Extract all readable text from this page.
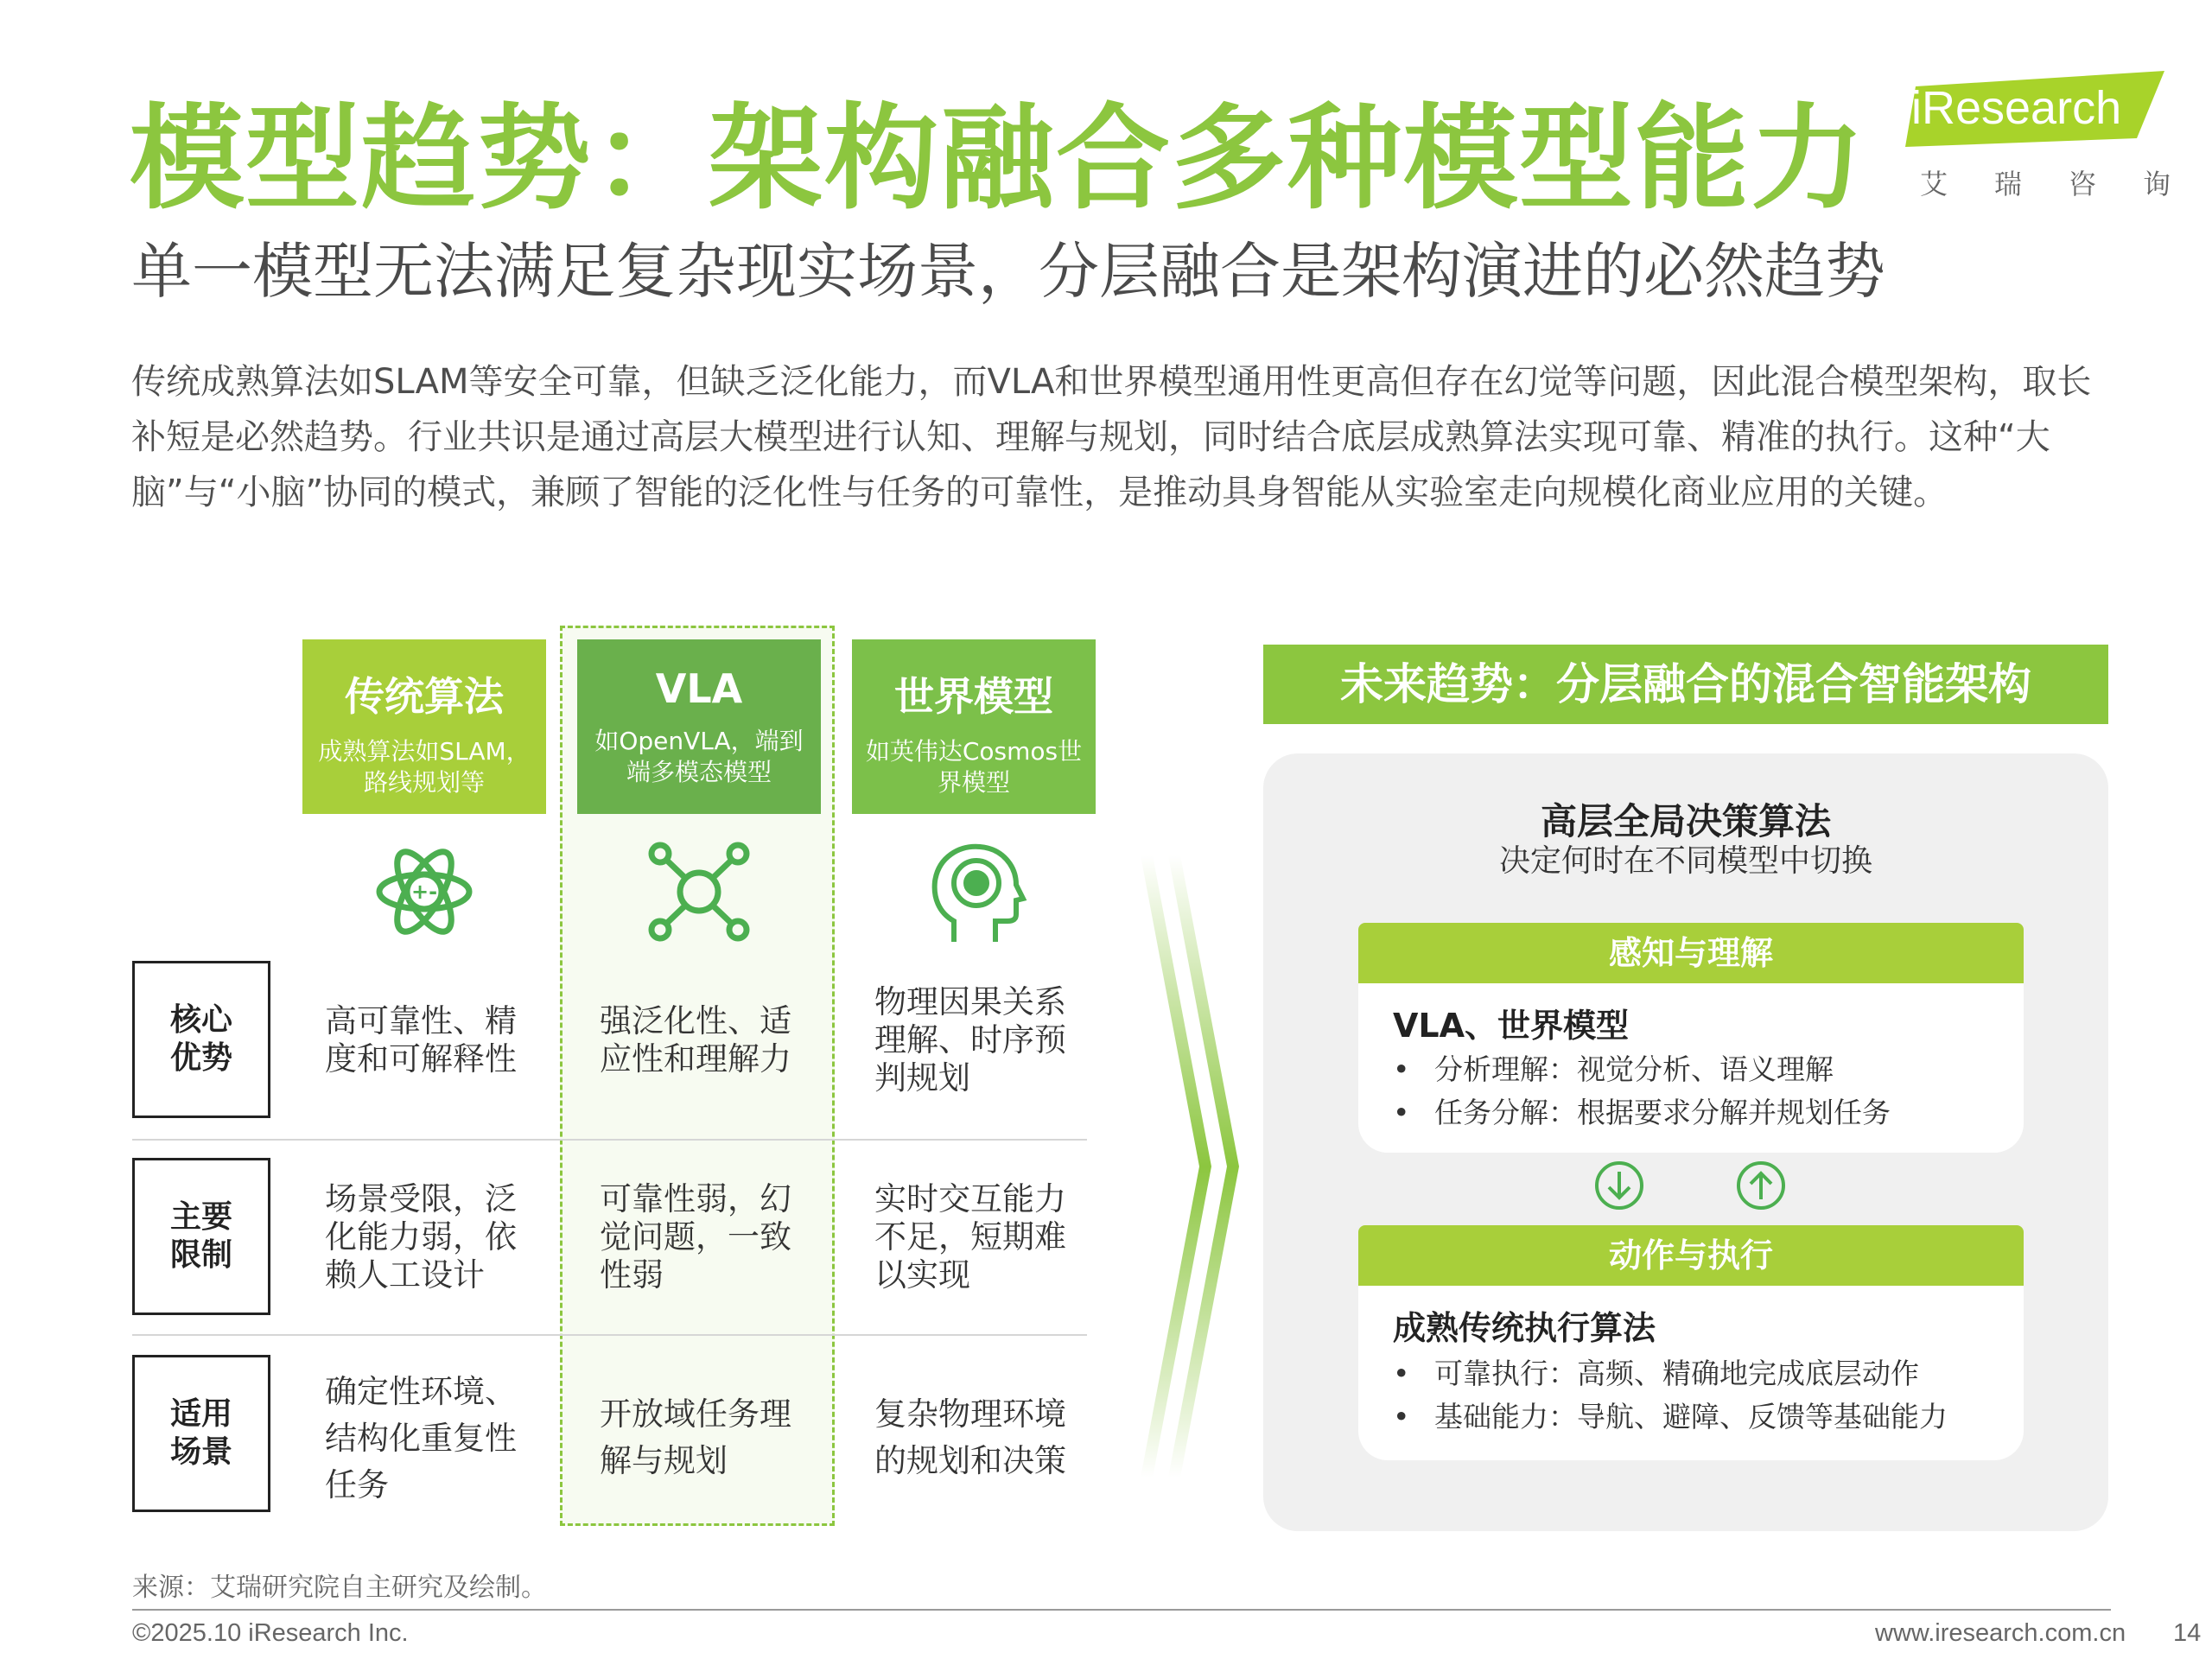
模型趋势：架构融合多种模型能力
单一模型无法满足复杂现实场景，分层融合是架构演进的必然趋势
传统成熟算法如SLAM等安全可靠，但缺乏泛化能力，而VLA和世界模型通用性更高但存在幻觉等问题，因此混合模型架构，取长补短是必然趋势。行业共识是通过高层大模型进行认知、理解与规划，同时结合底层成熟算法实现可靠、精准的执行。这种“大脑”与“小脑”协同的模式，兼顾了智能的泛化性与任务的可靠性，是推动具身智能从实验室走向规模化商业应用的关键。
iResearch
艾 瑞 咨 询
传统算法
成熟算法如SLAM，路线规划等
VLA
如OpenVLA，端到端多模态模型
世界模型
如英伟达Cosmos世界模型
+-
核心优势
主要限制
适用场景
高可靠性、精度和可解释性
强泛化性、适应性和理解力
物理因果关系理解、时序预判规划
场景受限，泛化能力弱，依赖人工设计
可靠性弱，幻觉问题，一致性弱
实时交互能力不足，短期难以实现
确定性环境、结构化重复性任务
开放域任务理解与规划
复杂物理环境的规划和决策
未来趋势：分层融合的混合智能架构
高层全局决策算法
决定何时在不同模型中切换
感知与理解
VLA、世界模型
• 分析理解：视觉分析、语义理解
• 任务分解：根据要求分解并规划任务
动作与执行
成熟传统执行算法
• 可靠执行：高频、精确地完成底层动作
• 基础能力：导航、避障、反馈等基础能力
来源：艾瑞研究院自主研究及绘制。
©2025.10 iResearch Inc.	www.iresearch.com.cn 14
